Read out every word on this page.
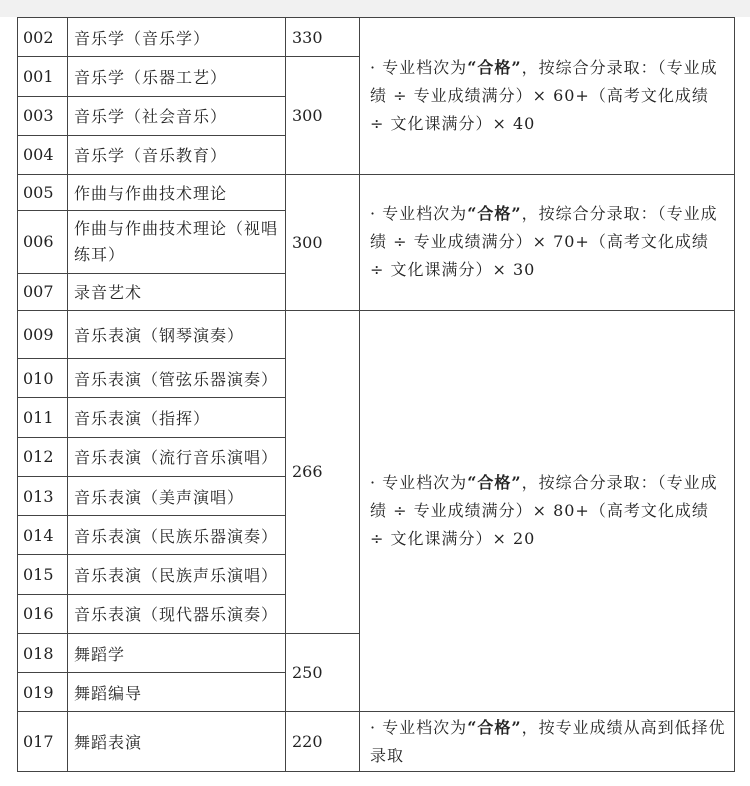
002	音乐学（音乐学）	330	· 专业档次为“合格”，按综合分录取：（专业成绩 ÷ 专业成绩满分）× 60+（高考文化成绩 ÷ 文化课满分）× 40
001	音乐学（乐器工艺）	300	
003	音乐学（社会音乐）		
004	音乐学（音乐教育）		
005	作曲与作曲技术理论	300	· 专业档次为“合格”，按综合分录取：（专业成绩 ÷ 专业成绩满分）× 70+（高考文化成绩 ÷ 文化课满分）× 30
006	作曲与作曲技术理论（视唱练耳）		
007	录音艺术		
009	音乐表演（钢琴演奏）	266	· 专业档次为“合格”，按综合分录取：（专业成绩 ÷ 专业成绩满分）× 80+（高考文化成绩 ÷ 文化课满分）× 20
010	音乐表演（管弦乐器演奏）		
011	音乐表演（指挥）		
012	音乐表演（流行音乐演唱）		
013	音乐表演（美声演唱）		
014	音乐表演（民族乐器演奏）		
015	音乐表演（民族声乐演唱）		
016	音乐表演（现代器乐演奏）		
018	舞蹈学	250	
019	舞蹈编导		
017	舞蹈表演	220	· 专业档次为“合格”，按专业成绩从高到低择优录取
